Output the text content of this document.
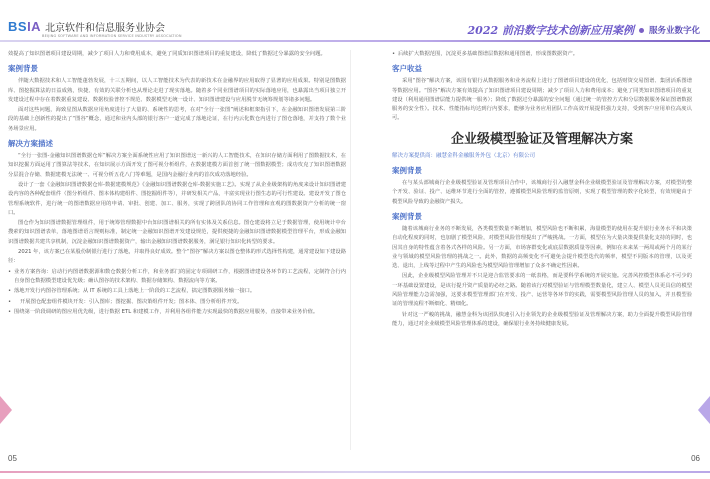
BSIA 北京软件和信息服务业协会
BEIJING SOFTWARE AND INFORMATION SERVICE INDUSTRY ASSOCIATION	2022 前沿数字技术创新应用案例 服务业数字化

效提高了知识图谱项目建设周期，减少了项目人力和费用成本，避免了同质知识图谱项目的重复建设，降低了数据过分暴露的安全问题。

案例背景

伴随大数据技术和人工智能蓬勃发展，十三五期间，以人工智能技术为代表的新技术在金融界的应用取得了显著的应用成果。特别是图数据库、图挖掘算法的日益成熟，快捷、有效的关联分析也从理论走进了现实落地。随着多个同业图谱项目的实际落地应用，也暴露出当项目独立开发建设过程中存在着数据重复建设、数据校验普控不规范、数据模型无统一设计、知识图谱建设与应用脱节无统筹规划等诸多问题。

面对这些问题，海致星图从数据应用角度进行了大量的、系统性的思考，在对“全行一张图”阐述和框架指引下，在金融知识图谱发展第三阶段的基础上创新性的提出了“图谷”概念，通过和业内头部的银行客户一道完成了落地论证，在行内云化数仓内进行了图仓落地，并支持了数个业务场景应用。

解决方案描述

“全行一张图-金融知识图谱数据仓库”解决方案全面系统性应用了知识图谱这一新兴的人工智能技术，在知识存储方面利用了图数据技术，在知识挖掘方面运用了图算法等技术，在知识展示方面开发了图可视分析组件，在数据建模方面首创了统一图数据模型；成功攻克了知识图谱数据分层混合存储、数据建模无法统一、可视分析五花八门等难题，是国内金融行业内的首次成功落地经验。

设计了一套《金融知识图谱数据仓库-数据建模规范》《金融知识图谱数据仓库-数据实施工艺》。实现了从企业级架构的角度来设计知识图谱建设内容的各种配套组件（图分析组件、图本体构建组件、图挖掘组件等），并研发相关产品，丰富实现业行图生态的可行性建设。建设开发了图仓管理系统软件，进行统一的图谱数据应用的申请、审批、创建、加工、服务，实现了跨团队的协同工作管理和直观的图数据资产分析的统一窗口。

图仓作为知识图谱数据管理组件，用于统筹管理数据中台知识图谱相关的所有实体及关系信息。图仓建设将立足于数据管理，使用统计中台搜索的知识图谱表单，落地图谱语言规则标准，制定统一金融知识图谱开发建设规范，提供便捷的金融知识图谱数据模型管理平台，形成金融知识图谱数据共建共享机制，沉淀金融知识图谱数据资产，输出金融知识图谱数据服务，满足银行知识化转型的要求。

2021 年，该方案已在某股份制银行进行了落地，并取得良好成效。整个“图谷”解决方案以图仓整体的形式选择性构建，通常建设如下建设路径：

• 业务方案咨询：启动行内图谱数据源和数仓数据分析工作，和业务部门的固定专项调研工作，根据图谱建设各环节的工艺流程，定制符合行内自身图仓数据模型建设优先级；确认图谷的技术架构、数据存储架构、数据流向等方案。

• 落地开发行内图谷管理系统；从 IT 系统的工具上落地上一阶段的工艺流程，搞定图数据服务输一接口。

• 开展图仓配套组件模块开发：引入图库；图挖掘、图决策组件开发；图本体、图分析组件开发。

• 围绕第一阶段调研的图应用优先级，进行数据 ETL 和建模工作，并利用各组件能力实现最快的数据应用服务，直接带来业务价值。

• 后续扩大数据范围，沉淀更多基础图谱层数据和通用图谱，形成图数据资产。

客户收益

采用“图谷”解决方案，该国有银行从数据服务和业务流程上进行了图谱项目建设的优化，包括财资交易图谱、集团活系图谱等数据应用。“图谷”解决方案有效提高了知识图谱项目建设周期；减少了项目人力和费用成本；避免了同类知识图谱项目的重复建设（利用通用图谱层能力提供统一服务）；降低了数据过分暴露的安全问题（通过统一的管控方式和分层数据服务保证图谱数据服务的安全性）。技术、性能指标均达到行内要求，能够为业务应用团队工作高效开展提供强力支持，受到客户应用单位高度认可。

企业级模型验证及管理解决方案
解决方案提供商：融慧金科金融服务外包（北京）有限公司
案例背景

在与某头部城商行企业级模型验证及管理项目合作中，该城商行引入融慧金科企业级模型验证及管理解决方案，对模型的整个开发、验证、投产、运维环节进行全面的管控，遵循模型风险管理的监管原则，实现了模型管理的数字化转型，有效规避由于模型风险导致的金融资产损失。

案例背景

随着该城商行业务的不断发展，各类模型数量不断增加，模型风险也不断积累，海量模型的使用在提升银行业务水平和决策自动化程度的同时，也加剧了模型风险，对模型风险管理提出了严峻挑战。一方面，模型在为大量决策提供量化支持的同时，也因其自身的特性蕴含着各式各样的风险。另一方面，市场客群变化或底层数据质量等因素，例如在未来某一两周或两个月的某行业与领域的模型风险管理的挑战之一。此外，数据的高频变化不可避免会提升模型迭代的频率，模型不同版本的管理，以及更迭、退出，上线等过程中产生的风险也为模型风险管理增加了众多不确定性因素。

因此，企业级模型风险管理并不只是迎合监管要求的一纸表格，而是要科学系统的开展实施。完善风控模型体系必不可少的一环基础设置建设，是该行提升资产质量的必经之路。随着该行对模型验证与管理模型数量化，建立人、模型人员更具信的模型风险管理能力急需加强，这要求模型管理部门在开发、投产、运营等各环节的实践，需要模型风险管理人员的加入，并且模型验证的管理流程不断细化、精细化。

针对这一严峻的挑战，融慧金科为该团队快速引入行业领先的企业级模型验证及管理解决方案，助力全面提升模型风险管理能力，通过对企业级模型风险管理体系的建设，确保银行业务持续健康发展。

05	06
